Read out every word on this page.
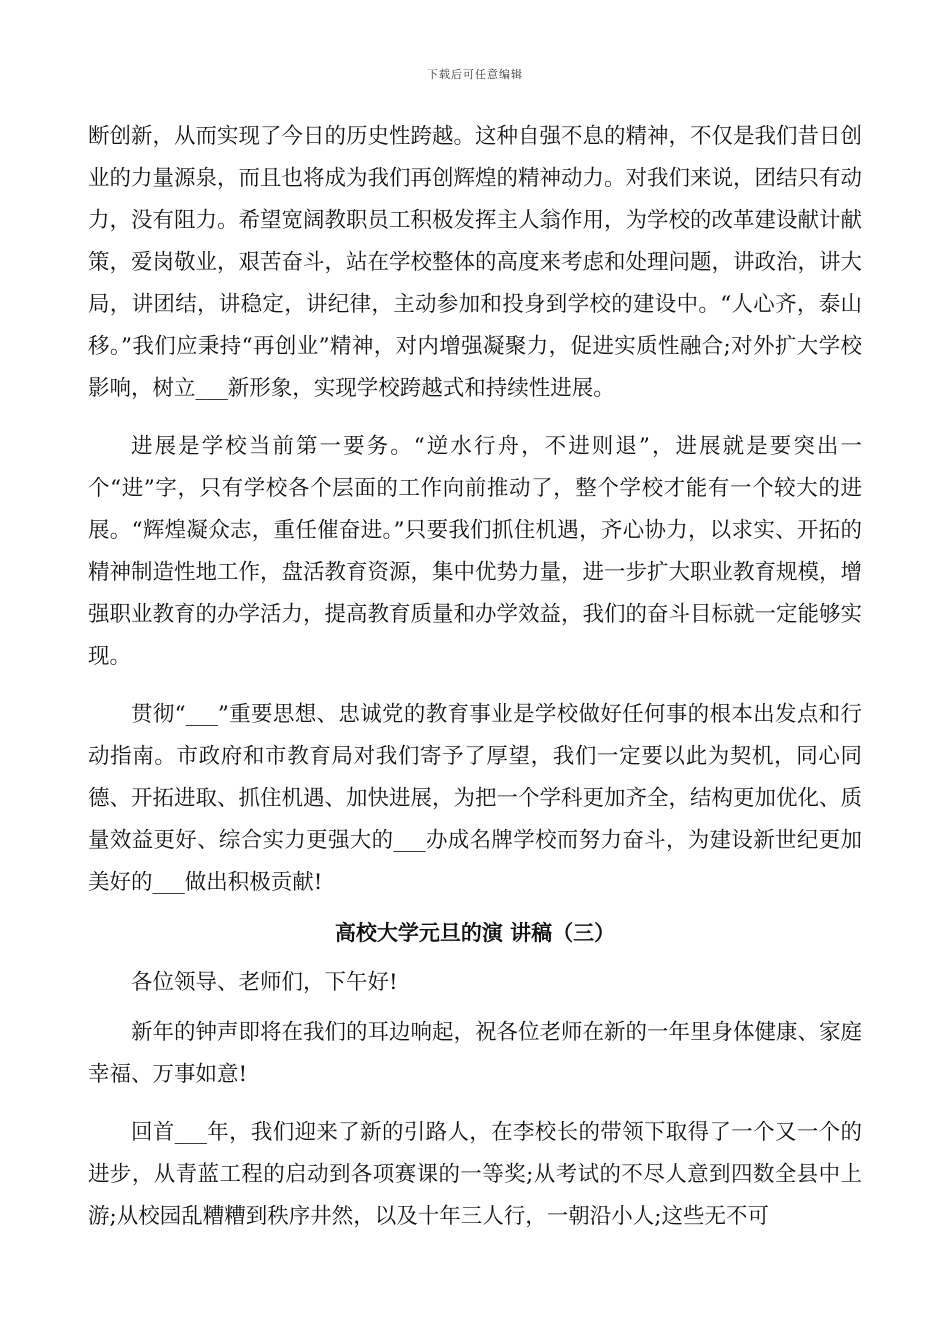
下载后可任意编辑

断创新，从而实现了今日的历史性跨越。这种自强不息的精神，不仅是我们昔日创业的力量源泉，而且也将成为我们再创辉煌的精神动力。对我们来说，团结只有动力，没有阻力。希望宽阔教职员工积极发挥主人翁作用，为学校的改革建设献计献策，爱岗敬业，艰苦奋斗，站在学校整体的高度来考虑和处理问题，讲政治，讲大局，讲团结，讲稳定，讲纪律，主动参加和投身到学校的建设中。“人心齐，泰山移。”我们应秉持“再创业”精神，对内增强凝聚力，促进实质性融合;对外扩大学校影响，树立___新形象，实现学校跨越式和持续性进展。

进展是学校当前第一要务。“逆水行舟，不进则退”，进展就是要突出一个“进”字，只有学校各个层面的工作向前推动了，整个学校才能有一个较大的进展。“辉煌凝众志，重任催奋进。”只要我们抓住机遇，齐心协力，以求实、开拓的精神制造性地工作，盘活教育资源，集中优势力量，进一步扩大职业教育规模，增强职业教育的办学活力，提高教育质量和办学效益，我们的奋斗目标就一定能够实现。

贯彻“___”重要思想、忠诚党的教育事业是学校做好任何事的根本出发点和行动指南。市政府和市教育局对我们寄予了厚望，我们一定要以此为契机，同心同德、开拓进取、抓住机遇、加快进展，为把一个学科更加齐全，结构更加优化、质量效益更好、综合实力更强大的___办成名牌学校而努力奋斗，为建设新世纪更加美好的___做出积极贡献!

高校大学元旦的演 讲稿（三）

各位领导、老师们，下午好!

新年的钟声即将在我们的耳边响起，祝各位老师在新的一年里身体健康、家庭幸福、万事如意!

回首___年，我们迎来了新的引路人，在李校长的带领下取得了一个又一个的进步，从青蓝工程的启动到各项赛课的一等奖;从考试的不尽人意到四数全县中上游;从校园乱糟糟到秩序井然，以及十年三人行，一朝沿小人;这些无不可
